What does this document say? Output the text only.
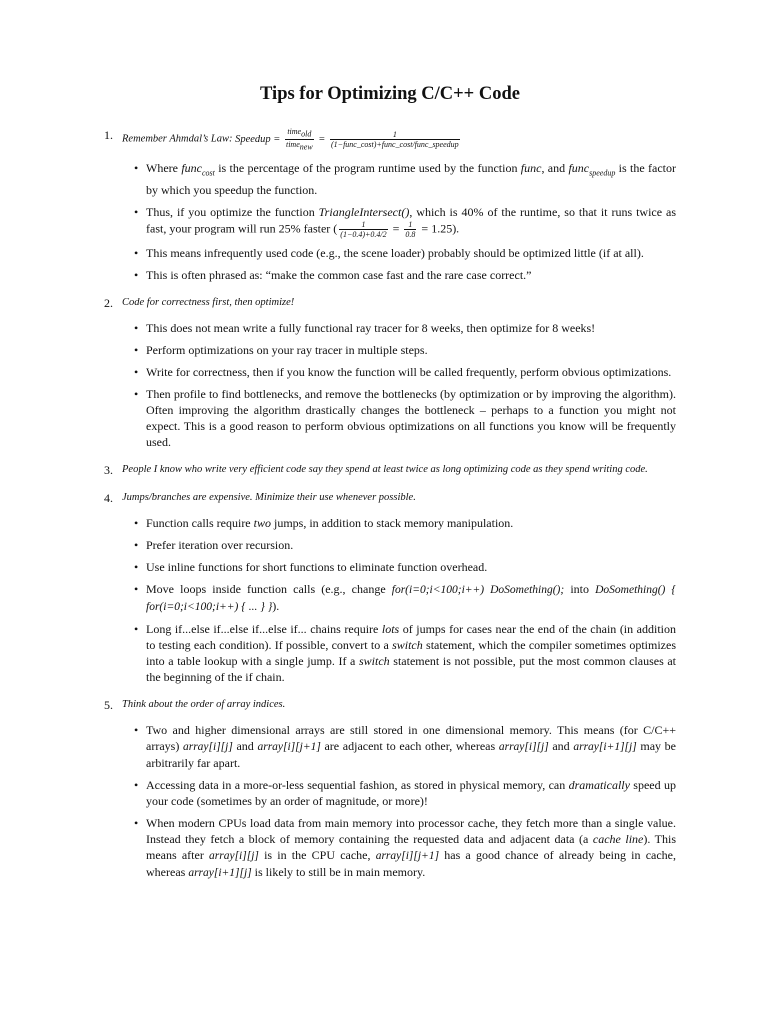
Tips for Optimizing C/C++ Code
1. Remember Ahmdal’s Law: Speedup = $\frac{\text{timeold}}{\text{timenew}} = \frac{1}{\text{(1−func\_cost)+func\_cost/func\_speedup}}$
• Where func$_{cost}$ is the percentage of the program runtime used by the function func, and func$_{speedup}$ is the factor by which you speedup the function.
• Thus, if you optimize the function TriangleIntersect(), which is 40% of the runtime, so that it runs twice as fast, your program will run 25% faster ( $\frac{1}{(1-0.4)+0.4/2} = \frac{1}{0.8} = 1.25$).
• This means infrequently used code (e.g., the scene loader) probably should be optimized little (if at all).
• This is often phrased as: “make the common case fast and the rare case correct.”
2. Code for correctness first, then optimize!
• This does not mean write a fully functional ray tracer for 8 weeks, then optimize for 8 weeks!
• Perform optimizations on your ray tracer in multiple steps.
• Write for correctness, then if you know the function will be called frequently, perform obvious optimizations.
• Then profile to find bottlenecks, and remove the bottlenecks (by optimization or by improving the algorithm). Often improving the algorithm drastically changes the bottleneck – perhaps to a function you might not expect. This is a good reason to perform obvious optimizations on all functions you know will be frequently used.
3. People I know who write very efficient code say they spend at least twice as long optimizing code as they spend writing code.
4. Jumps/branches are expensive. Minimize their use whenever possible.
• Function calls require two jumps, in addition to stack memory manipulation.
• Prefer iteration over recursion.
• Use inline functions for short functions to eliminate function overhead.
• Move loops inside function calls (e.g., change for(i=0;i<100;i++) DoSomething(); into DoSomething() { for(i=0;i<100;i++) { ... } }).
• Long if...else if...else if...else if... chains require lots of jumps for cases near the end of the chain (in addition to testing each condition). If possible, convert to a switch statement, which the compiler sometimes optimizes into a table lookup with a single jump. If a switch statement is not possible, put the most common clauses at the beginning of the if chain.
5. Think about the order of array indices.
• Two and higher dimensional arrays are still stored in one dimensional memory. This means (for C/C++ arrays) array[i][j] and array[i][j+1] are adjacent to each other, whereas array[i][j] and array[i+1][j] may be arbitrarily far apart.
• Accessing data in a more-or-less sequential fashion, as stored in physical memory, can dramatically speed up your code (sometimes by an order of magnitude, or more)!
• When modern CPUs load data from main memory into processor cache, they fetch more than a single value. Instead they fetch a block of memory containing the requested data and adjacent data (a cache line). This means after array[i][j] is in the CPU cache, array[i][j+1] has a good chance of already being in cache, whereas array[i+1][j] is likely to still be in main memory.
